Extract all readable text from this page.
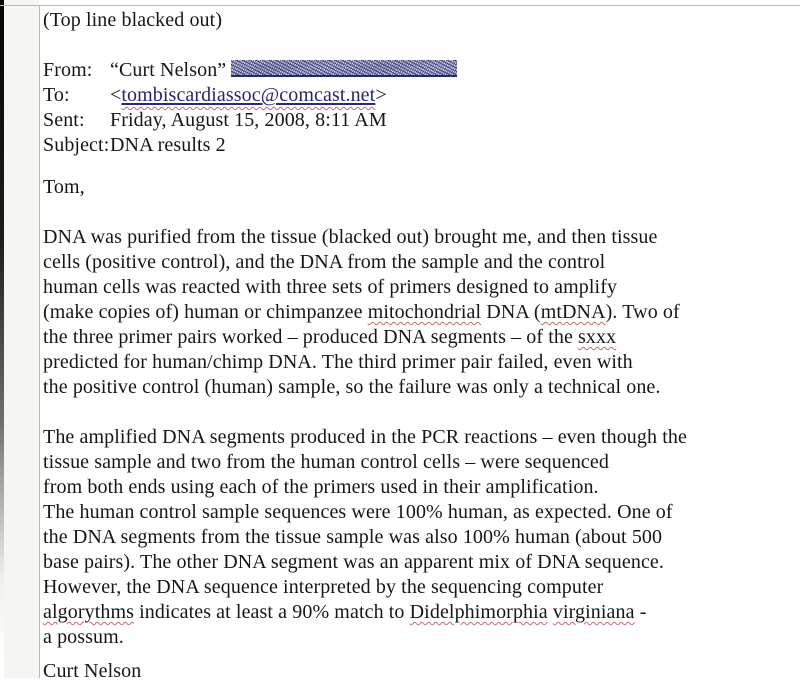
(Top line blacked out)
From: “Curt Nelson”
To: <tombiscardiassoc@comcast.net>
Sent: Friday, August 15, 2008, 8:11 AM
Subject:DNA results 2
Tom,
DNA was purified from the tissue (blacked out) brought me, and then tissue
cells (positive control), and the DNA from the sample and the control
human cells was reacted with three sets of primers designed to amplify
(make copies of) human or chimpanzee mitochondrial DNA (mtDNA). Two of
the three primer pairs worked – produced DNA segments – of the sxxx
predicted for human/chimp DNA. The third primer pair failed, even with
the positive control (human) sample, so the failure was only a technical one.
The amplified DNA segments produced in the PCR reactions – even though the
tissue sample and two from the human control cells – were sequenced
from both ends using each of the primers used in their amplification.
The human control sample sequences were 100% human, as expected. One of
the DNA segments from the tissue sample was also 100% human (about 500
base pairs). The other DNA segment was an apparent mix of DNA sequence.
However, the DNA sequence interpreted by the sequencing computer
algorythms indicates at least a 90% match to Didelphimorphia virginiana -
a possum.
Curt Nelson
